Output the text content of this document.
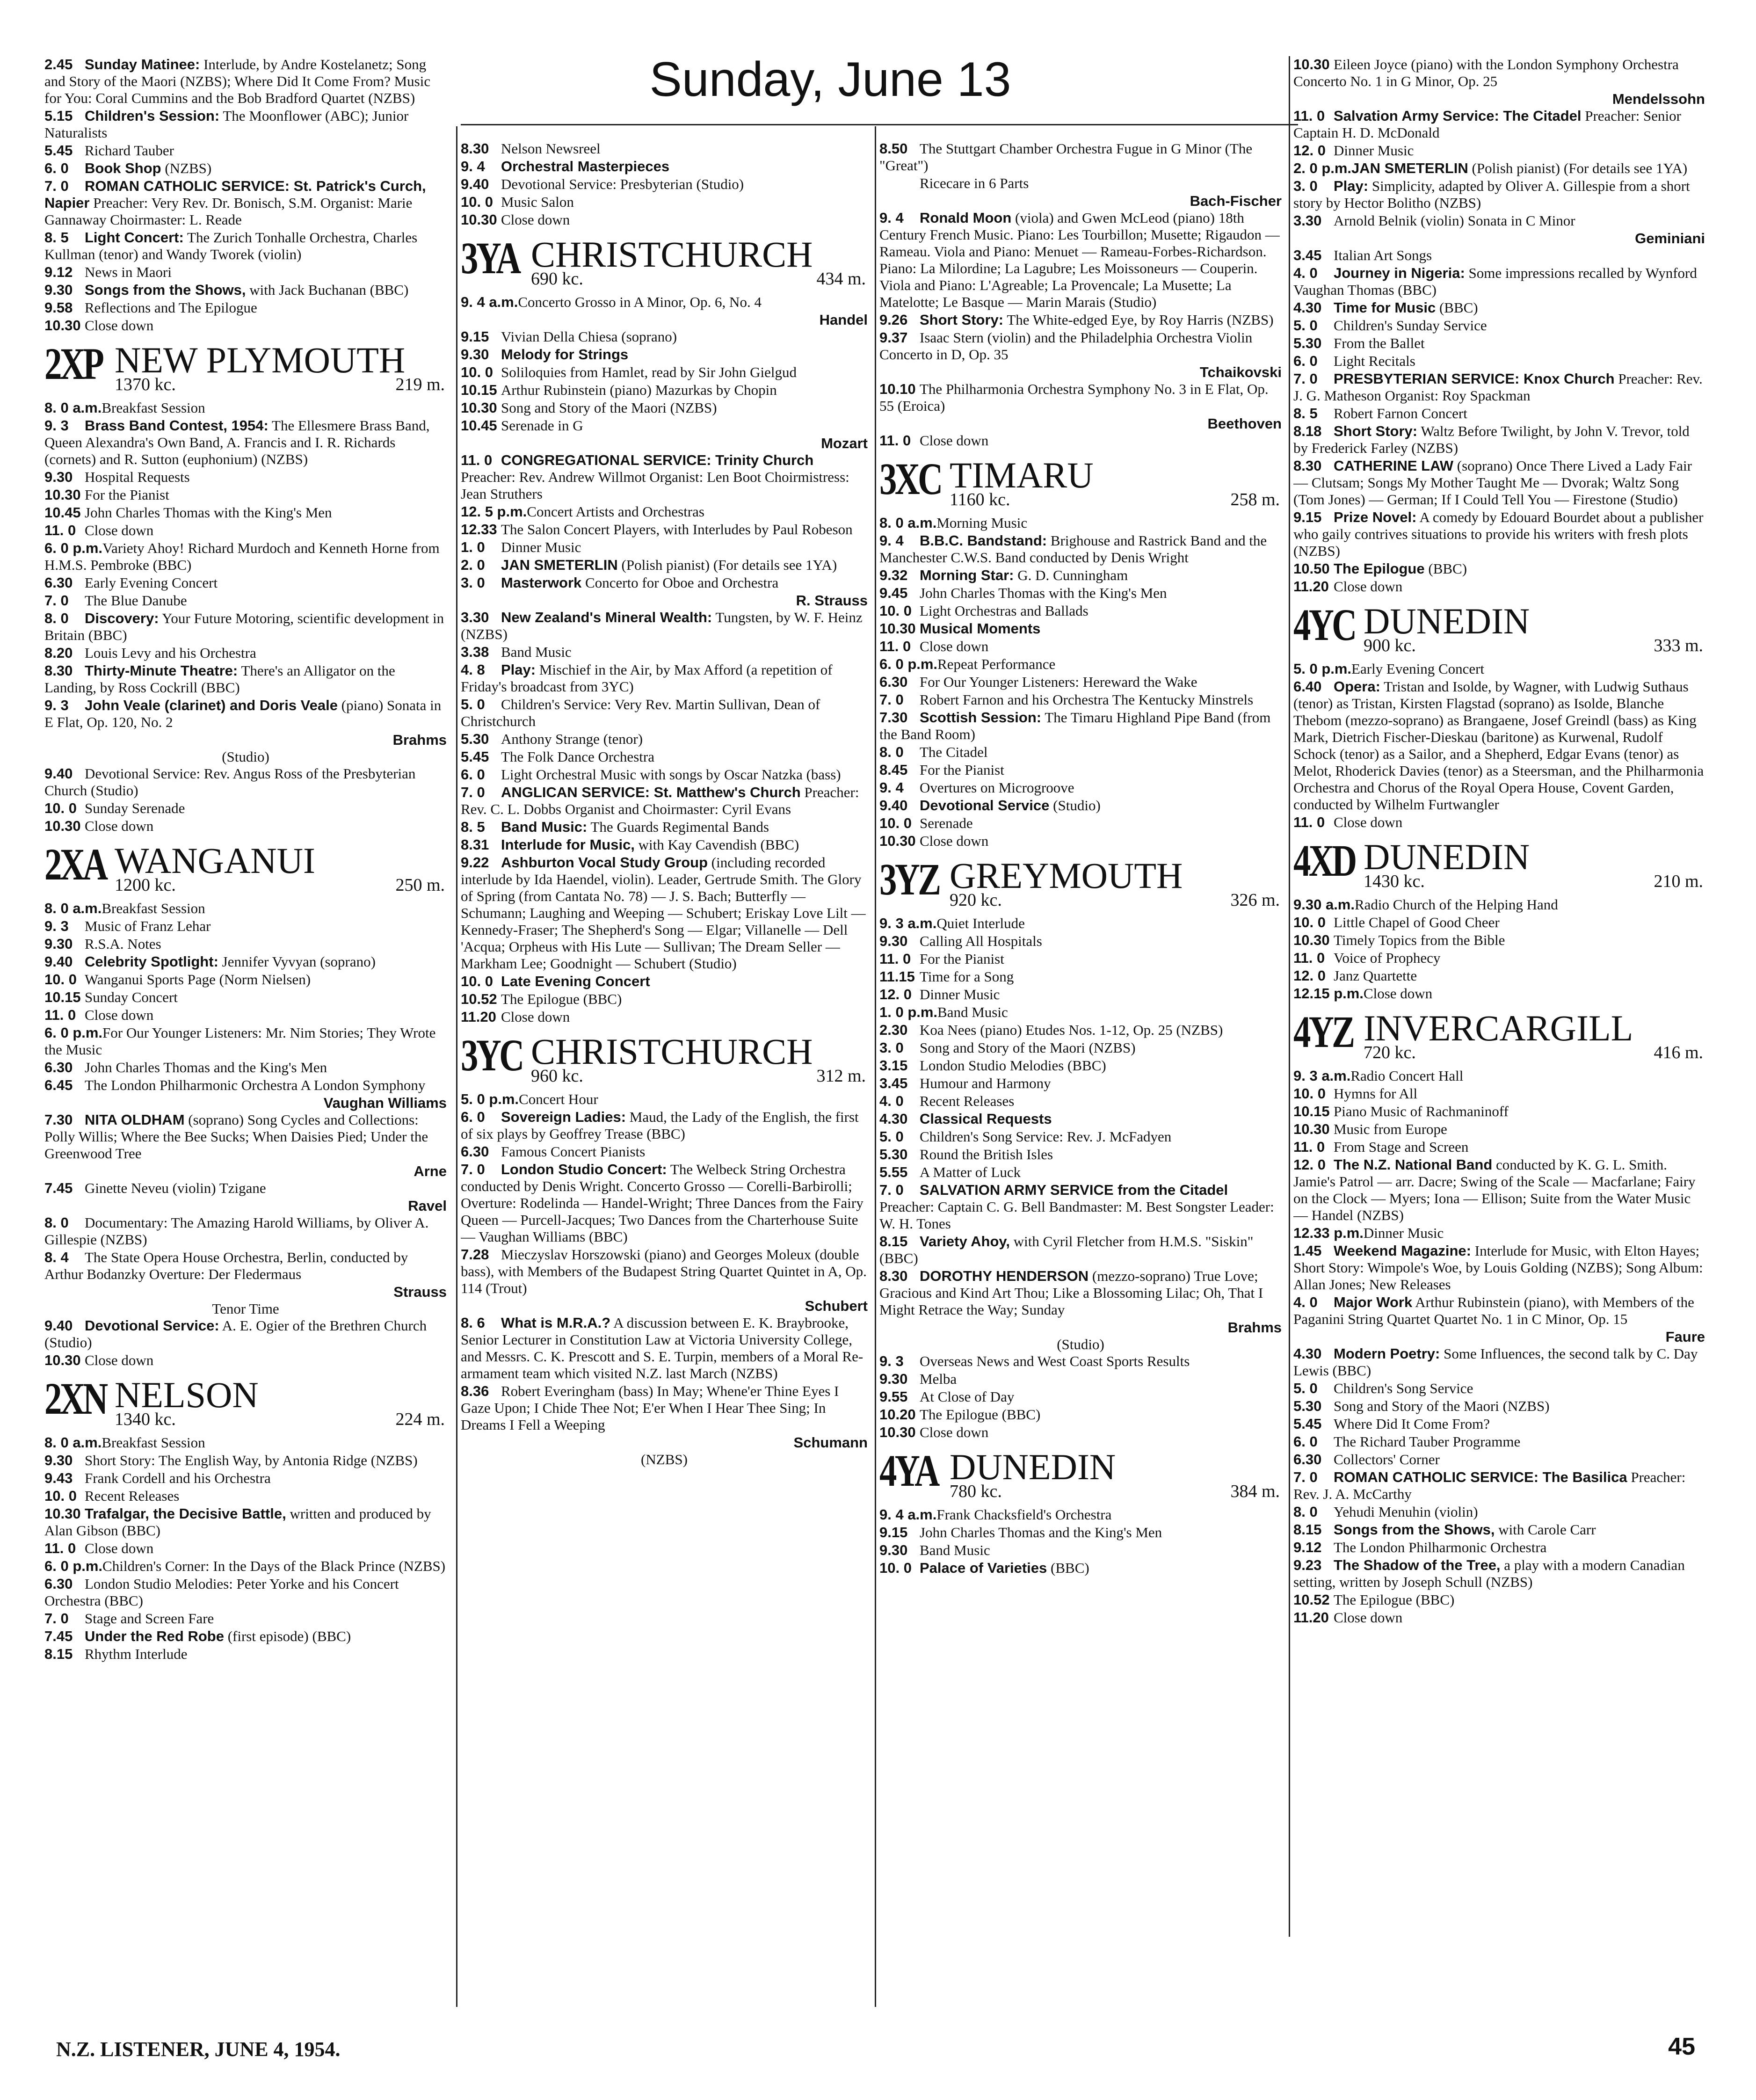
Sunday, June 13
2.45 Sunday Matinee: Interlude, by Andre Kostelanetz; Song and Story of the Maori (NZBS); Where Did It Come From? Music for You: Coral Cummins and the Bob Bradford Quartet (NZBS)
5.15 Children's Session: The Moonflower (ABC); Junior Naturalists
5.45 Richard Tauber
6. 0 Book Shop (NZBS)
7. 0 ROMAN CATHOLIC SERVICE: St. Patrick's Curch, Napier Preacher: Very Rev. Dr. Bonisch, S.M. Organist: Marie Gannaway Choirmaster: L. Reade
8. 5 Light Concert: The Zurich Tonhalle Orchestra, Charles Kullman (tenor) and Wandy Tworek (violin)
9.12 News in Maori
9.30 Songs from the Shows, with Jack Buchanan (BBC)
9.58 Reflections and The Epilogue
10.30 Close down
2XP NEW PLYMOUTH
1370 kc.	219 m.
8. 0 a.m.Breakfast Session
9. 3 Brass Band Contest, 1954: The Ellesmere Brass Band, Queen Alexandra's Own Band, A. Francis and I. R. Richards (cornets) and R. Sutton (euphonium) (NZBS)
9.30 Hospital Requests
10.30 For the Pianist
10.45 John Charles Thomas with the King's Men
11. 0 Close down
6. 0 p.m.Variety Ahoy! Richard Murdoch and Kenneth Horne from H.M.S. Pembroke (BBC)
6.30 Early Evening Concert
7. 0 The Blue Danube
8. 0 Discovery: Your Future Motoring, scientific development in Britain (BBC)
8.20 Louis Levy and his Orchestra
8.30 Thirty-Minute Theatre: There's an Alligator on the Landing, by Ross Cockrill (BBC)
9. 3 John Veale (clarinet) and Doris Veale (piano) Sonata in E Flat, Op. 120, No. 2
Brahms
(Studio)
9.40 Devotional Service: Rev. Angus Ross of the Presbyterian Church (Studio)
10. 0 Sunday Serenade
10.30 Close down
2XA WANGANUI
1200 kc.	250 m.
8. 0 a.m.Breakfast Session
9. 3 Music of Franz Lehar
9.30 R.S.A. Notes
9.40 Celebrity Spotlight: Jennifer Vyvyan (soprano)
10. 0 Wanganui Sports Page (Norm Nielsen)
10.15 Sunday Concert
11. 0 Close down
6. 0 p.m.For Our Younger Listeners: Mr. Nim Stories; They Wrote the Music
6.30 John Charles Thomas and the King's Men
6.45 The London Philharmonic Orchestra A London Symphony
Vaughan Williams
7.30 NITA OLDHAM (soprano) Song Cycles and Collections: Polly Willis; Where the Bee Sucks; When Daisies Pied; Under the Greenwood Tree
Arne
7.45 Ginette Neveu (violin) Tzigane
Ravel
8. 0 Documentary: The Amazing Harold Williams, by Oliver A. Gillespie (NZBS)
8. 4 The State Opera House Orchestra, Berlin, conducted by Arthur Bodanzky Overture: Der Fledermaus
Strauss
Tenor Time
9.40 Devotional Service: A. E. Ogier of the Brethren Church (Studio)
10.30 Close down
2XN NELSON
1340 kc.	224 m.
8. 0 a.m.Breakfast Session
9.30 Short Story: The English Way, by Antonia Ridge (NZBS)
9.43 Frank Cordell and his Orchestra
10. 0 Recent Releases
10.30 Trafalgar, the Decisive Battle, written and produced by Alan Gibson (BBC)
11. 0 Close down
6. 0 p.m.Children's Corner: In the Days of the Black Prince (NZBS)
6.30 London Studio Melodies: Peter Yorke and his Concert Orchestra (BBC)
7. 0 Stage and Screen Fare
7.45 Under the Red Robe (first episode) (BBC)
8.15 Rhythm Interlude
8.30 Nelson Newsreel
9. 4 Orchestral Masterpieces
9.40 Devotional Service: Presbyterian (Studio)
10. 0 Music Salon
10.30 Close down
3YA CHRISTCHURCH
690 kc.	434 m.
9. 4 a.m.Concerto Grosso in A Minor, Op. 6, No. 4
Handel
9.15 Vivian Della Chiesa (soprano)
9.30 Melody for Strings
10. 0 Soliloquies from Hamlet, read by Sir John Gielgud
10.15 Arthur Rubinstein (piano) Mazurkas by Chopin
10.30 Song and Story of the Maori (NZBS)
10.45 Serenade in G
Mozart
11. 0 CONGREGATIONAL SERVICE: Trinity Church Preacher: Rev. Andrew Willmot Organist: Len Boot Choirmistress: Jean Struthers
12. 5 p.m.Concert Artists and Orchestras
12.33 The Salon Concert Players, with Interludes by Paul Robeson
1. 0 Dinner Music
2. 0 JAN SMETERLIN (Polish pianist) (For details see 1YA)
3. 0 Masterwork Concerto for Oboe and Orchestra
R. Strauss
3.30 New Zealand's Mineral Wealth: Tungsten, by W. F. Heinz (NZBS)
3.38 Band Music
4. 8 Play: Mischief in the Air, by Max Afford (a repetition of Friday's broadcast from 3YC)
5. 0 Children's Service: Very Rev. Martin Sullivan, Dean of Christchurch
5.30 Anthony Strange (tenor)
5.45 The Folk Dance Orchestra
6. 0 Light Orchestral Music with songs by Oscar Natzka (bass)
7. 0 ANGLICAN SERVICE: St. Matthew's Church Preacher: Rev. C. L. Dobbs Organist and Choirmaster: Cyril Evans
8. 5 Band Music: The Guards Regimental Bands
8.31 Interlude for Music, with Kay Cavendish (BBC)
9.22 Ashburton Vocal Study Group (including recorded interlude by Ida Haendel, violin). Leader, Gertrude Smith. The Glory of Spring (from Cantata No. 78) — J. S. Bach; Butterfly — Schumann; Laughing and Weeping — Schubert; Eriskay Love Lilt — Kennedy-Fraser; The Shepherd's Song — Elgar; Villanelle — Dell 'Acqua; Orpheus with His Lute — Sullivan; The Dream Seller — Markham Lee; Goodnight — Schubert (Studio)
10. 0 Late Evening Concert
10.52 The Epilogue (BBC)
11.20 Close down
3YC CHRISTCHURCH
960 kc.	312 m.
5. 0 p.m.Concert Hour
6. 0 Sovereign Ladies: Maud, the Lady of the English, the first of six plays by Geoffrey Trease (BBC)
6.30 Famous Concert Pianists
7. 0 London Studio Concert: The Welbeck String Orchestra conducted by Denis Wright. Concerto Grosso — Corelli-Barbirolli; Overture: Rodelinda — Handel-Wright; Three Dances from the Fairy Queen — Purcell-Jacques; Two Dances from the Charterhouse Suite — Vaughan Williams (BBC)
7.28 Mieczyslav Horszowski (piano) and Georges Moleux (double bass), with Members of the Budapest String Quartet Quintet in A, Op. 114 (Trout)
Schubert
8. 6 What is M.R.A.? A discussion between E. K. Braybrooke, Senior Lecturer in Constitution Law at Victoria University College, and Messrs. C. K. Prescott and S. E. Turpin, members of a Moral Re-armament team which visited N.Z. last March (NZBS)
8.36 Robert Everingham (bass) In May; Whene'er Thine Eyes I Gaze Upon; I Chide Thee Not; E'er When I Hear Thee Sing; In Dreams I Fell a Weeping
Schumann
(NZBS)
8.50 The Stuttgart Chamber Orchestra Fugue in G Minor (The "Great")
Ricecare in 6 Parts
Bach-Fischer
9. 4 Ronald Moon (viola) and Gwen McLeod (piano) 18th Century French Music. Piano: Les Tourbillon; Musette; Rigaudon — Rameau. Viola and Piano: Menuet — Rameau-Forbes-Richardson. Piano: La Milordine; La Lagubre; Les Moissoneurs — Couperin. Viola and Piano: L'Agreable; La Provencale; La Musette; La Matelotte; Le Basque — Marin Marais (Studio)
9.26 Short Story: The White-edged Eye, by Roy Harris (NZBS)
9.37 Isaac Stern (violin) and the Philadelphia Orchestra Violin Concerto in D, Op. 35
Tchaikovski
10.10 The Philharmonia Orchestra Symphony No. 3 in E Flat, Op. 55 (Eroica)
Beethoven
11. 0 Close down
3XC TIMARU
1160 kc.	258 m.
8. 0 a.m.Morning Music
9. 4 B.B.C. Bandstand: Brighouse and Rastrick Band and the Manchester C.W.S. Band conducted by Denis Wright
9.32 Morning Star: G. D. Cunningham
9.45 John Charles Thomas with the King's Men
10. 0 Light Orchestras and Ballads
10.30 Musical Moments
11. 0 Close down
6. 0 p.m.Repeat Performance
6.30 For Our Younger Listeners: Hereward the Wake
7. 0 Robert Farnon and his Orchestra The Kentucky Minstrels
7.30 Scottish Session: The Timaru Highland Pipe Band (from the Band Room)
8. 0 The Citadel
8.45 For the Pianist
9. 4 Overtures on Microgroove
9.40 Devotional Service (Studio)
10. 0 Serenade
10.30 Close down
3YZ GREYMOUTH
920 kc.	326 m.
9. 3 a.m.Quiet Interlude
9.30 Calling All Hospitals
11. 0 For the Pianist
11.15 Time for a Song
12. 0 Dinner Music
1. 0 p.m.Band Music
2.30 Koa Nees (piano) Etudes Nos. 1-12, Op. 25 (NZBS)
3. 0 Song and Story of the Maori (NZBS)
3.15 London Studio Melodies (BBC)
3.45 Humour and Harmony
4. 0 Recent Releases
4.30 Classical Requests
5. 0 Children's Song Service: Rev. J. McFadyen
5.30 Round the British Isles
5.55 A Matter of Luck
7. 0 SALVATION ARMY SERVICE from the Citadel Preacher: Captain C. G. Bell Bandmaster: M. Best Songster Leader: W. H. Tones
8.15 Variety Ahoy, with Cyril Fletcher from H.M.S. "Siskin" (BBC)
8.30 DOROTHY HENDERSON (mezzo-soprano) True Love; Gracious and Kind Art Thou; Like a Blossoming Lilac; Oh, That I Might Retrace the Way; Sunday
Brahms
(Studio)
9. 3 Overseas News and West Coast Sports Results
9.30 Melba
9.55 At Close of Day
10.20 The Epilogue (BBC)
10.30 Close down
4YA DUNEDIN
780 kc.	384 m.
9. 4 a.m.Frank Chacksfield's Orchestra
9.15 John Charles Thomas and the King's Men
9.30 Band Music
10. 0 Palace of Varieties (BBC)
10.30 Eileen Joyce (piano) with the London Symphony Orchestra Concerto No. 1 in G Minor, Op. 25
Mendelssohn
11. 0 Salvation Army Service: The Citadel Preacher: Senior Captain H. D. McDonald
12. 0 Dinner Music
2. 0 p.m.JAN SMETERLIN (Polish pianist) (For details see 1YA)
3. 0 Play: Simplicity, adapted by Oliver A. Gillespie from a short story by Hector Bolitho (NZBS)
3.30 Arnold Belnik (violin) Sonata in C Minor
Geminiani
3.45 Italian Art Songs
4. 0 Journey in Nigeria: Some impressions recalled by Wynford Vaughan Thomas (BBC)
4.30 Time for Music (BBC)
5. 0 Children's Sunday Service
5.30 From the Ballet
6. 0 Light Recitals
7. 0 PRESBYTERIAN SERVICE: Knox Church Preacher: Rev. J. G. Matheson Organist: Roy Spackman
8. 5 Robert Farnon Concert
8.18 Short Story: Waltz Before Twilight, by John V. Trevor, told by Frederick Farley (NZBS)
8.30 CATHERINE LAW (soprano) Once There Lived a Lady Fair — Clutsam; Songs My Mother Taught Me — Dvorak; Waltz Song (Tom Jones) — German; If I Could Tell You — Firestone (Studio)
9.15 Prize Novel: A comedy by Edouard Bourdet about a publisher who gaily contrives situations to provide his writers with fresh plots (NZBS)
10.50 The Epilogue (BBC)
11.20 Close down
4YC DUNEDIN
900 kc.	333 m.
5. 0 p.m.Early Evening Concert
6.40 Opera: Tristan and Isolde, by Wagner, with Ludwig Suthaus (tenor) as Tristan, Kirsten Flagstad (soprano) as Isolde, Blanche Thebom (mezzo-soprano) as Brangaene, Josef Greindl (bass) as King Mark, Dietrich Fischer-Dieskau (baritone) as Kurwenal, Rudolf Schock (tenor) as a Sailor, and a Shepherd, Edgar Evans (tenor) as Melot, Rhoderick Davies (tenor) as a Steersman, and the Philharmonia Orchestra and Chorus of the Royal Opera House, Covent Garden, conducted by Wilhelm Furtwangler
11. 0 Close down
4XD DUNEDIN
1430 kc.	210 m.
9.30 a.m.Radio Church of the Helping Hand
10. 0 Little Chapel of Good Cheer
10.30 Timely Topics from the Bible
11. 0 Voice of Prophecy
12. 0 Janz Quartette
12.15 p.m.Close down
4YZ INVERCARGILL
720 kc.	416 m.
9. 3 a.m.Radio Concert Hall
10. 0 Hymns for All
10.15 Piano Music of Rachmaninoff
10.30 Music from Europe
11. 0 From Stage and Screen
12. 0 The N.Z. National Band conducted by K. G. L. Smith. Jamie's Patrol — arr. Dacre; Swing of the Scale — Macfarlane; Fairy on the Clock — Myers; Iona — Ellison; Suite from the Water Music — Handel (NZBS)
12.33 p.m.Dinner Music
1.45 Weekend Magazine: Interlude for Music, with Elton Hayes; Short Story: Wimpole's Woe, by Louis Golding (NZBS); Song Album: Allan Jones; New Releases
4. 0 Major Work Arthur Rubinstein (piano), with Members of the Paganini String Quartet Quartet No. 1 in C Minor, Op. 15
Faure
4.30 Modern Poetry: Some Influences, the second talk by C. Day Lewis (BBC)
5. 0 Children's Song Service
5.30 Song and Story of the Maori (NZBS)
5.45 Where Did It Come From?
6. 0 The Richard Tauber Programme
6.30 Collectors' Corner
7. 0 ROMAN CATHOLIC SERVICE: The Basilica Preacher: Rev. J. A. McCarthy
8. 0 Yehudi Menuhin (violin)
8.15 Songs from the Shows, with Carole Carr
9.12 The London Philharmonic Orchestra
9.23 The Shadow of the Tree, a play with a modern Canadian setting, written by Joseph Schull (NZBS)
10.52 The Epilogue (BBC)
11.20 Close down
N.Z. LISTENER, JUNE 4, 1954.	45
